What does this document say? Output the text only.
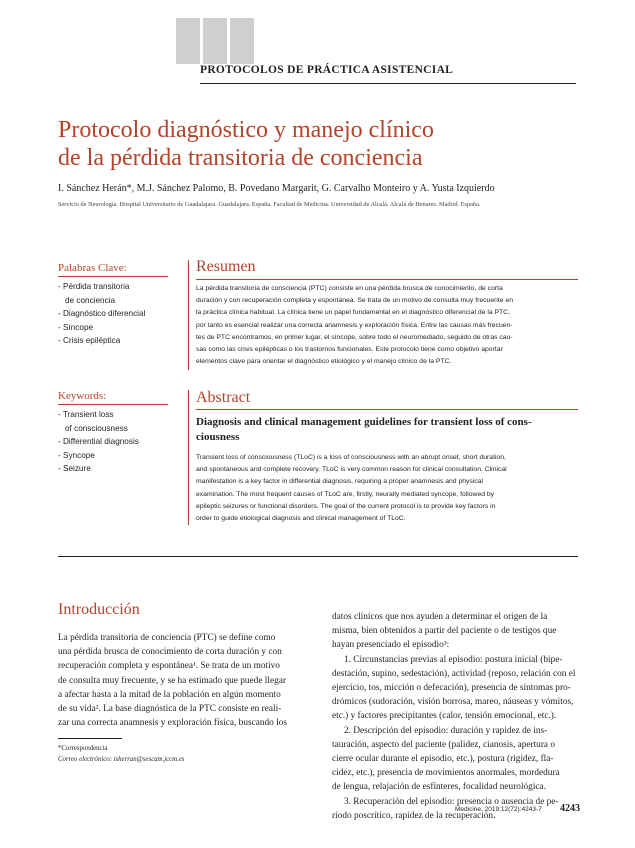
PROTOCOLOS DE PRÁCTICA ASISTENCIAL
Protocolo diagnóstico y manejo clínico
de la pérdida transitoria de conciencia
I. Sánchez Herán*, M.J. Sánchez Palomo, B. Povedano Margarit, G. Carvalho Monteiro y A. Yusta Izquierdo
Servicio de Neurología. Hospital Universitario de Guadalajara. Guadalajara. España. Facultad de Medicina. Universidad de Alcalá. Alcalá de Henares. Madrid. España.
Palabras Clave:
- Pérdida transitoria
de conciencia
- Diagnóstico diferencial
- Síncope
- Crisis epiléptica
Keywords:
- Transient loss
of consciousness
- Differential diagnosis
- Syncope
- Seizure
Resumen
La pérdida transitoria de consciencia (PTC) consiste en una pérdida brusca de conocimiento, de corta
duración y con recuperación completa y espontánea. Se trata de un motivo de consulta muy frecuente en
la práctica clínica habitual. La clínica tiene un papel fundamental en el diagnóstico diferencial de la PTC,
por tanto es esencial realizar una correcta anamnesis y exploración física. Entre las causas más frecuen-
tes de PTC encontramos, en primer lugar, el síncope, sobre todo el neuromediado, seguido de otras cau-
sas como las crisis epilépticas o los trastornos funcionales. Este protocolo tiene como objetivo aportar
elementos clave para orientar el diagnóstico etiológico y el manejo clínico de la PTC.
Abstract
Diagnosis and clinical management guidelines for transient loss of cons-
ciousness
Transient loss of consciousness (TLoC) is a loss of consciousness with an abrupt onset, short duration,
and spontaneous and complete recovery. TLoC is very common reason for clinical consultation. Clinical
manifestation is a key factor in differential diagnosis, requiring a proper anamnesis and physical
examination. The most frequent causes of TLoC are, firstly, neurally mediated syncope, followed by
epileptic seizures or functional disorders. The goal of the current protocol is to provide key factors in
order to guide etiological diagnosis and clinical management of TLoC.
Introducción
La pérdida transitoria de conciencia (PTC) se define como
una pérdida brusca de conocimiento de corta duración y con
recuperación completa y espontánea¹. Se trata de un motivo
de consulta muy frecuente, y se ha estimado que puede llegar
a afectar hasta a la mitad de la población en algún momento
de su vida². La base diagnóstica de la PTC consiste en reali-
zar una correcta anamnesis y exploración física, buscando los
datos clínicos que nos ayuden a determinar el origen de la
misma, bien obtenidos a partir del paciente o de testigos que
hayan presenciado el episodio³:
1. Circunstancias previas al episodio: postura inicial (bipe-
destación, supino, sedestación), actividad (reposo, relación con el
ejercicio, tos, micción o defecación), presencia de síntomas pro-
drómicos (sudoración, visión borrosa, mareo, náuseas y vómitos,
etc.) y factores precipitantes (calor, tensión emocional, etc.).
2. Descripción del episodio: duración y rapidez de ins-
tauración, aspecto del paciente (palidez, cianosis, apertura o
cierre ocular durante el episodio, etc.), postura (rigidez, fla-
cidez, etc.), presencia de movimientos anormales, mordedura
de lengua, relajación de esfínteres, focalidad neurológica.
3. Recuperación del episodio: presencia o ausencia de pe-
ríodo poscrítico, rapidez de la recuperación.
*Correspondencia
Correo electrónico: isherran@sescam.jccm.es
Medicine. 2019;12(72):4243-7 4243
